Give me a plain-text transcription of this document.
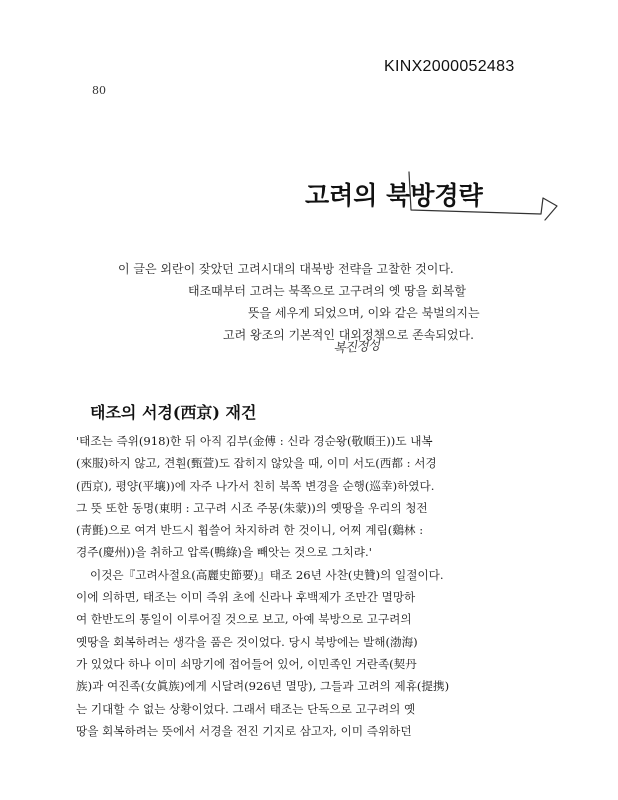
KINX2000052483
80
고려의 북방경략
이 글은 외란이 잦았던 고려시대의 대북방 전략을 고찰한 것이다.
태조때부터 고려는 북쪽으로 고구려의 옛 땅을 회복할
뜻을 세우게 되었으며, 이와 같은 북벌의지는
고려 왕조의 기본적인 대외정책으로 존속되었다.
복진정성
태조의 서경(西京) 재건
'태조는 즉위(918)한 뒤 아직 김부(金傅 : 신라 경순왕(敬順王))도 내복
(來服)하지 않고, 견훤(甄萱)도 잡히지 않았을 때, 이미 서도(西都 : 서경
(西京), 평양(平壤))에 자주 나가서 친히 북쪽 변경을 순행(巡幸)하였다.
그 뜻 또한 동명(東明 : 고구려 시조 주몽(朱蒙))의 옛땅을 우리의 청전
(靑氈)으로 여겨 반드시 휩쓸어 차지하려 한 것이니, 어찌 계림(鷄林 :
경주(慶州))을 취하고 압록(鴨綠)을 빼앗는 것으로 그치랴.'
이것은『고려사절요(高麗史節要)』태조 26년 사찬(史贊)의 일절이다.
이에 의하면, 태조는 이미 즉위 초에 신라나 후백제가 조만간 멸망하
여 한반도의 통일이 이루어질 것으로 보고, 아예 북방으로 고구려의
옛땅을 회복하려는 생각을 품은 것이었다. 당시 북방에는 발해(渤海)
가 있었다 하나 이미 쇠망기에 접어들어 있어, 이민족인 거란족(契丹
族)과 여진족(女眞族)에게 시달려(926년 멸망), 그들과 고려의 제휴(提携)
는 기대할 수 없는 상황이었다. 그래서 태조는 단독으로 고구려의 옛
땅을 회복하려는 뜻에서 서경을 전진 기지로 삼고자, 이미 즉위하던
